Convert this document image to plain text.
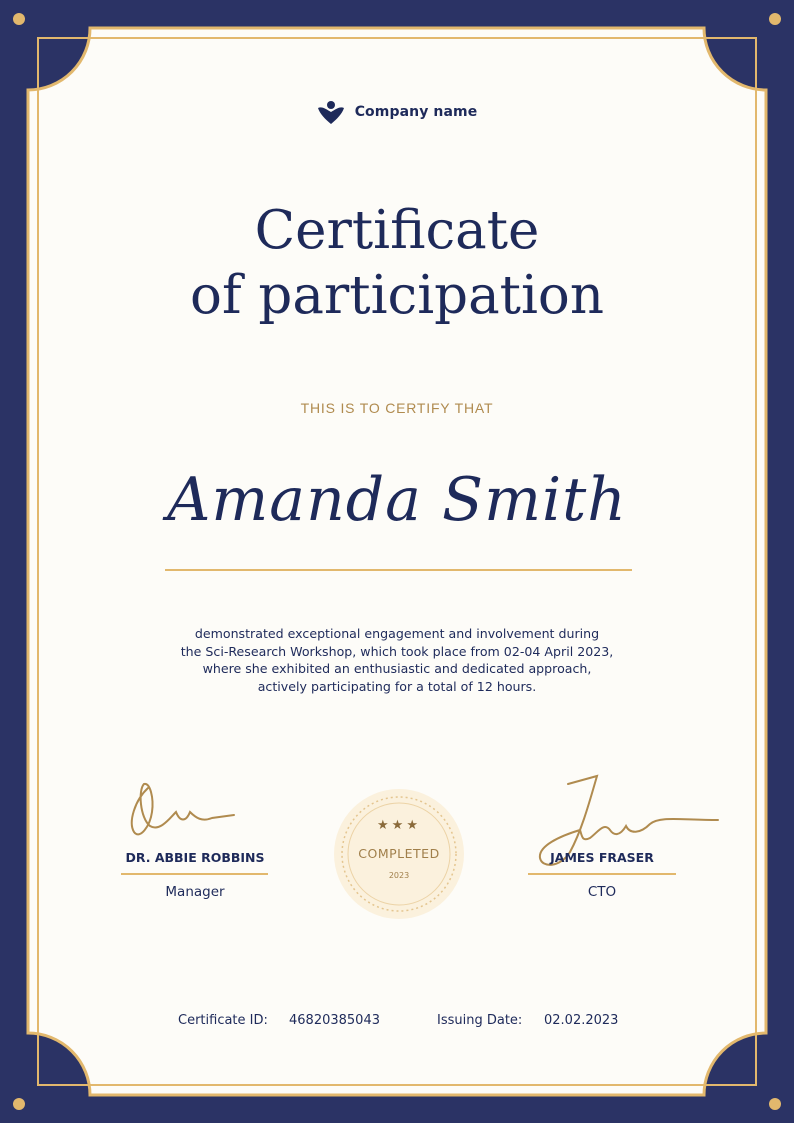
Company name
Certificate
of participation
THIS IS TO CERTIFY THAT
Amanda Smith
demonstrated exceptional engagement and involvement during
the Sci-Research Workshop, which took place from 02-04 April 2023,
where she exhibited an enthusiastic and dedicated approach,
actively participating for a total of 12 hours.
DR. ABBIE ROBBINS
Manager
JAMES FRASER
CTO
★★★
COMPLETED
2023
Certificate ID: 46820385043	Issuing Date: 02.02.2023
